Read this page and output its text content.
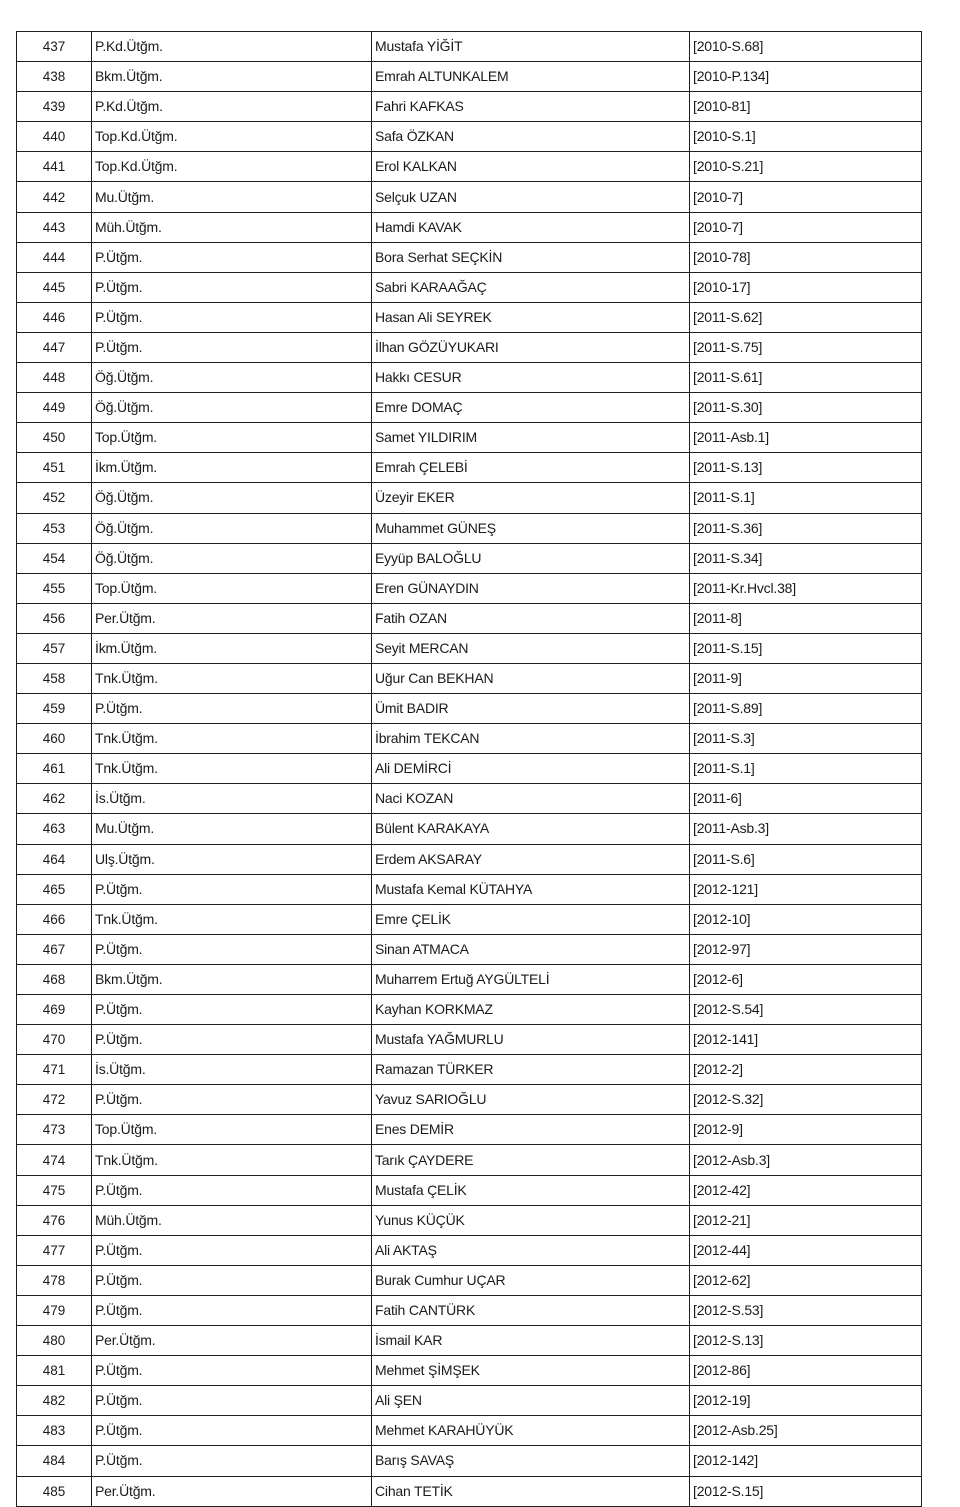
437	P.Kd.Ütğm.	Mustafa YİĞİT	[2010-S.68]
438	Bkm.Ütğm.	Emrah ALTUNKALEM	[2010-P.134]
439	P.Kd.Ütğm.	Fahri KAFKAS	[2010-81]
440	Top.Kd.Ütğm.	Safa ÖZKAN	[2010-S.1]
441	Top.Kd.Ütğm.	Erol KALKAN	[2010-S.21]
442	Mu.Ütğm.	Selçuk UZAN	[2010-7]
443	Müh.Ütğm.	Hamdi KAVAK	[2010-7]
444	P.Ütğm.	Bora Serhat SEÇKİN	[2010-78]
445	P.Ütğm.	Sabri KARAAĞAÇ	[2010-17]
446	P.Ütğm.	Hasan Ali SEYREK	[2011-S.62]
447	P.Ütğm.	İlhan GÖZÜYUKARI	[2011-S.75]
448	Öğ.Ütğm.	Hakkı CESUR	[2011-S.61]
449	Öğ.Ütğm.	Emre DOMAÇ	[2011-S.30]
450	Top.Ütğm.	Samet YILDIRIM	[2011-Asb.1]
451	İkm.Ütğm.	Emrah ÇELEBİ	[2011-S.13]
452	Öğ.Ütğm.	Üzeyir EKER	[2011-S.1]
453	Öğ.Ütğm.	Muhammet GÜNEŞ	[2011-S.36]
454	Öğ.Ütğm.	Eyyüp BALOĞLU	[2011-S.34]
455	Top.Ütğm.	Eren GÜNAYDIN	[2011-Kr.Hvcl.38]
456	Per.Ütğm.	Fatih OZAN	[2011-8]
457	İkm.Ütğm.	Seyit MERCAN	[2011-S.15]
458	Tnk.Ütğm.	Uğur Can BEKHAN	[2011-9]
459	P.Ütğm.	Ümit BADIR	[2011-S.89]
460	Tnk.Ütğm.	İbrahim TEKCAN	[2011-S.3]
461	Tnk.Ütğm.	Ali DEMİRCİ	[2011-S.1]
462	İs.Ütğm.	Naci KOZAN	[2011-6]
463	Mu.Ütğm.	Bülent KARAKAYA	[2011-Asb.3]
464	Ulş.Ütğm.	Erdem AKSARAY	[2011-S.6]
465	P.Ütğm.	Mustafa Kemal KÜTAHYA	[2012-121]
466	Tnk.Ütğm.	Emre ÇELİK	[2012-10]
467	P.Ütğm.	Sinan ATMACA	[2012-97]
468	Bkm.Ütğm.	Muharrem Ertuğ AYGÜLTELİ	[2012-6]
469	P.Ütğm.	Kayhan KORKMAZ	[2012-S.54]
470	P.Ütğm.	Mustafa YAĞMURLU	[2012-141]
471	İs.Ütğm.	Ramazan TÜRKER	[2012-2]
472	P.Ütğm.	Yavuz SARIOĞLU	[2012-S.32]
473	Top.Ütğm.	Enes DEMİR	[2012-9]
474	Tnk.Ütğm.	Tarık ÇAYDERE	[2012-Asb.3]
475	P.Ütğm.	Mustafa ÇELİK	[2012-42]
476	Müh.Ütğm.	Yunus KÜÇÜK	[2012-21]
477	P.Ütğm.	Ali AKTAŞ	[2012-44]
478	P.Ütğm.	Burak Cumhur UÇAR	[2012-62]
479	P.Ütğm.	Fatih CANTÜRK	[2012-S.53]
480	Per.Ütğm.	İsmail KAR	[2012-S.13]
481	P.Ütğm.	Mehmet ŞİMŞEK	[2012-86]
482	P.Ütğm.	Ali ŞEN	[2012-19]
483	P.Ütğm.	Mehmet KARAHÜYÜK	[2012-Asb.25]
484	P.Ütğm.	Barış SAVAŞ	[2012-142]
485	Per.Ütğm.	Cihan TETİK	[2012-S.15]
